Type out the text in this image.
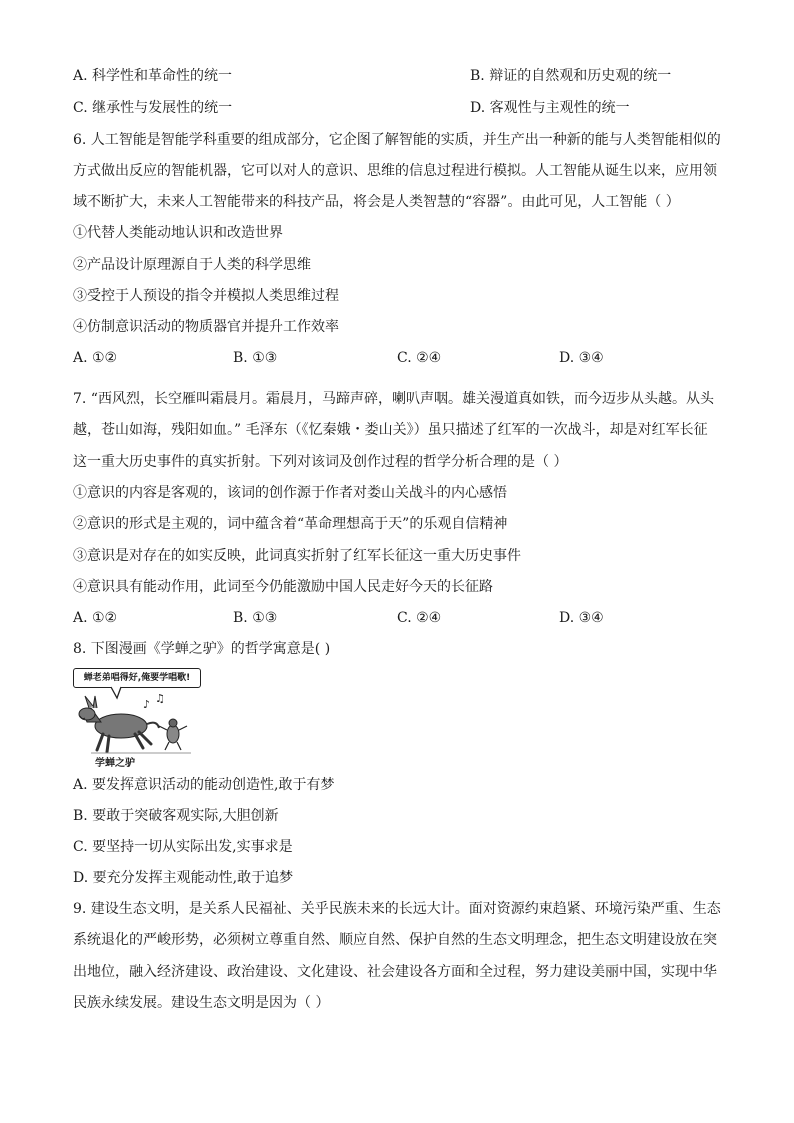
A. 科学性和革命性的统一	B. 辩证的自然观和历史观的统一
C. 继承性与发展性的统一	D. 客观性与主观性的统一
6. 人工智能是智能学科重要的组成部分，它企图了解智能的实质，并生产出一种新的能与人类智能相似的
方式做出反应的智能机器，它可以对人的意识、思维的信息过程进行模拟。人工智能从诞生以来，应用领
域不断扩大，未来人工智能带来的科技产品，将会是人类智慧的“容器”。由此可见，人工智能（ ）
①代替人类能动地认识和改造世界
②产品设计原理源自于人类的科学思维
③受控于人预设的指令并模拟人类思维过程
④仿制意识活动的物质器官并提升工作效率
A. ①②	B. ①③	C. ②④	D. ③④
7. “西风烈，长空雁叫霜晨月。霜晨月，马蹄声碎，喇叭声咽。雄关漫道真如铁，而今迈步从头越。从头
越，苍山如海，残阳如血。” 毛泽东（《忆秦娥・娄山关》）虽只描述了红军的一次战斗，却是对红军长征
这一重大历史事件的真实折射。下列对该词及创作过程的哲学分析合理的是（ ）
①意识的内容是客观的，该词的创作源于作者对娄山关战斗的内心感悟
②意识的形式是主观的，词中蕴含着“革命理想高于天”的乐观自信精神
③意识是对存在的如实反映，此词真实折射了红军长征这一重大历史事件
④意识具有能动作用，此词至今仍能激励中国人民走好今天的长征路
A. ①②	B. ①③	C. ②④	D. ③④
8. 下图漫画《学蝉之驴》的哲学寓意是( )
蝉老弟唱得好,俺要学唱歌!
♪ ♫
学蝉之驴
A. 要发挥意识活动的能动创造性,敢于有梦
B. 要敢于突破客观实际,大胆创新
C. 要坚持一切从实际出发,实事求是
D. 要充分发挥主观能动性,敢于追梦
9. 建设生态文明，是关系人民福祉、关乎民族未来的长远大计。面对资源约束趋紧、环境污染严重、生态
系统退化的严峻形势，必须树立尊重自然、顺应自然、保护自然的生态文明理念，把生态文明建设放在突
出地位，融入经济建设、政治建设、文化建设、社会建设各方面和全过程，努力建设美丽中国，实现中华
民族永续发展。建设生态文明是因为（ ）
